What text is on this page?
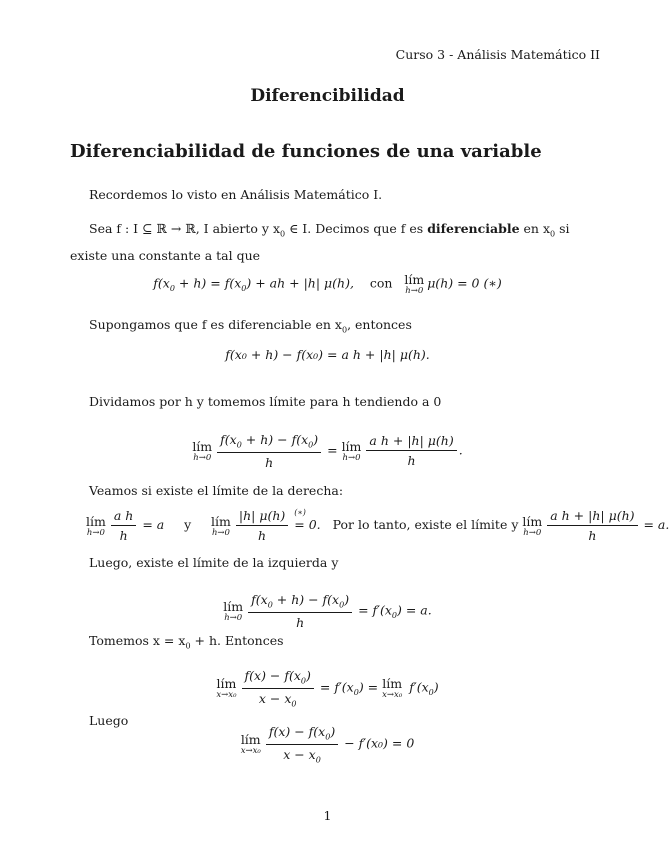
Curso 3 - Análisis Matemático II
Diferencibilidad
Diferenciabilidad de funciones de una variable
Recordemos lo visto en Análisis Matemático I.
Sea f : I ⊆ ℝ → ℝ, I abierto y $x_0$ ∈ I. Decimos que f es diferenciable en $x_0$ si existe una constante a tal que
$f(x_0 + h) = f(x_0)$ + ah + |h| μ(h),    con lím
h→0
μ(h) = 0 (∗)
Supongamos que f es diferenciable en $x_0$, entonces
f(x₀ + h) − f(x₀) = a h + |h| μ(h).
Dividamos por h y tomemos límite para h tendiendo a 0
lím
$h\to 0 \frac{f(x_0 + h) - f(x_0)}{h}$ = lím
$h\to 0 \frac{\text{a h + |h| μ(h)}}{h}$ .
Veamos si existe el límite de la derecha:
lím
$h\to 0 \frac{\text{a h}}{h} = a$     y lím
$h\to 0 \frac{|h| \mu(h)}{h}$
(∗)
= 0.   Por lo tanto, existe el límite y lím
$h\to 0 \frac{\text{a h + |h| μ(h)}}{h} = a$.
Luego, existe el límite de la izquierda y
lím
$h\to 0 \frac{f(x_0 + h) - f(x_0)}{h} = f'(x_0) = a$.
Tomemos $x = x_0 + h$. Entonces
lím
$x\to x_0 \frac{f(x) - f(x_0)}{x - x_0} = f'(x_0)$ = lím
x→x₀
$f'(x_0)$
Luego
lím
$x\to x_0 \frac{f(x) - f(x_0)}{x - x_0} - f'(x_0) = 0$
1
